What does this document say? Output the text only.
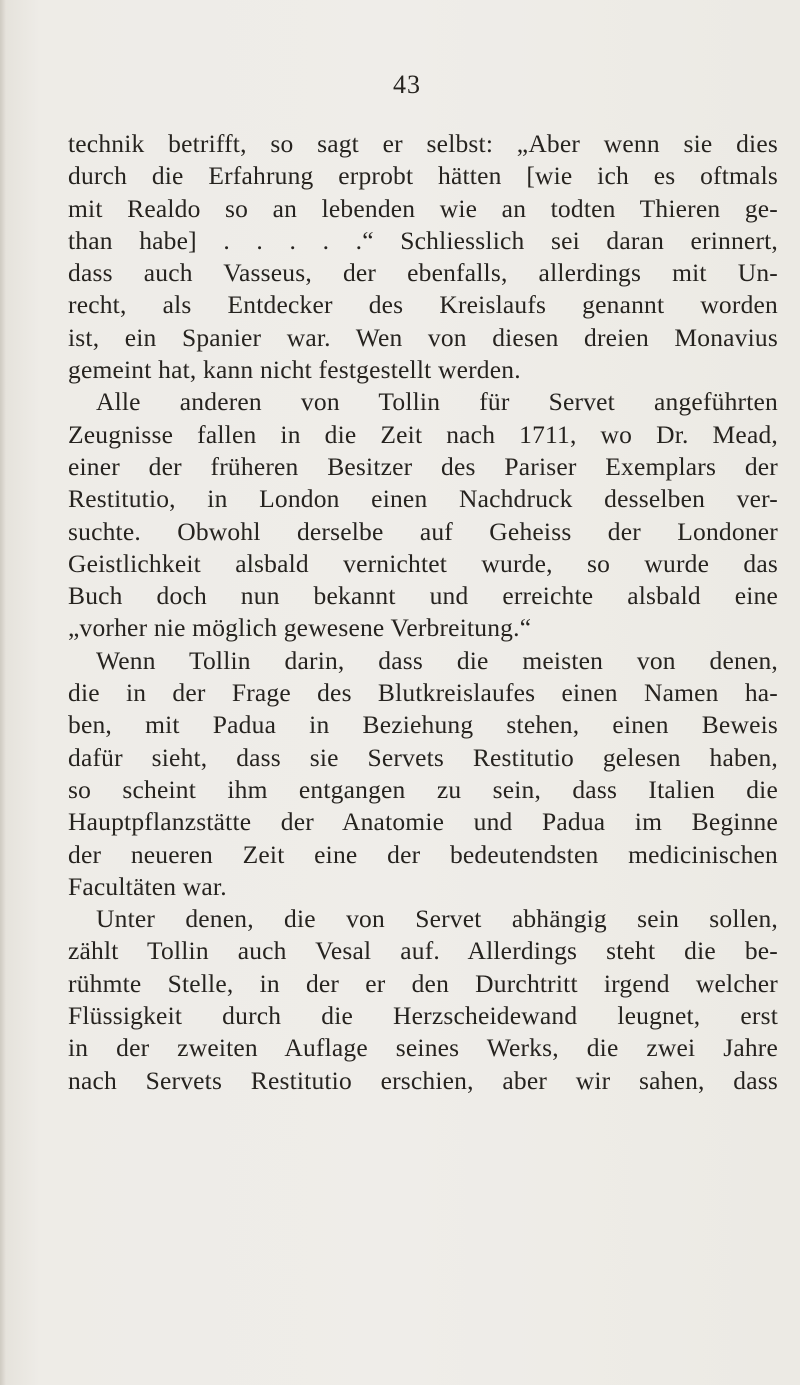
43
technik betrifft, so sagt er selbst: „Aber wenn sie dies
durch die Erfahrung erprobt hätten [wie ich es oftmals
mit Realdo so an lebenden wie an todten Thieren ge-
than habe] . . . . .“ Schliesslich sei daran erinnert,
dass auch Vasseus, der ebenfalls, allerdings mit Un-
recht, als Entdecker des Kreislaufs genannt worden
ist, ein Spanier war. Wen von diesen dreien Monavius
gemeint hat, kann nicht festgestellt werden.
Alle anderen von Tollin für Servet angeführten
Zeugnisse fallen in die Zeit nach 1711, wo Dr. Mead,
einer der früheren Besitzer des Pariser Exemplars der
Restitutio, in London einen Nachdruck desselben ver-
suchte. Obwohl derselbe auf Geheiss der Londoner
Geistlichkeit alsbald vernichtet wurde, so wurde das
Buch doch nun bekannt und erreichte alsbald eine
„vorher nie möglich gewesene Verbreitung.“
Wenn Tollin darin, dass die meisten von denen,
die in der Frage des Blutkreislaufes einen Namen ha-
ben, mit Padua in Beziehung stehen, einen Beweis
dafür sieht, dass sie Servets Restitutio gelesen haben,
so scheint ihm entgangen zu sein, dass Italien die
Hauptpflanzstätte der Anatomie und Padua im Beginne
der neueren Zeit eine der bedeutendsten medicinischen
Facultäten war.
Unter denen, die von Servet abhängig sein sollen,
zählt Tollin auch Vesal auf. Allerdings steht die be-
rühmte Stelle, in der er den Durchtritt irgend welcher
Flüssigkeit durch die Herzscheidewand leugnet, erst
in der zweiten Auflage seines Werks, die zwei Jahre
nach Servets Restitutio erschien, aber wir sahen, dass
